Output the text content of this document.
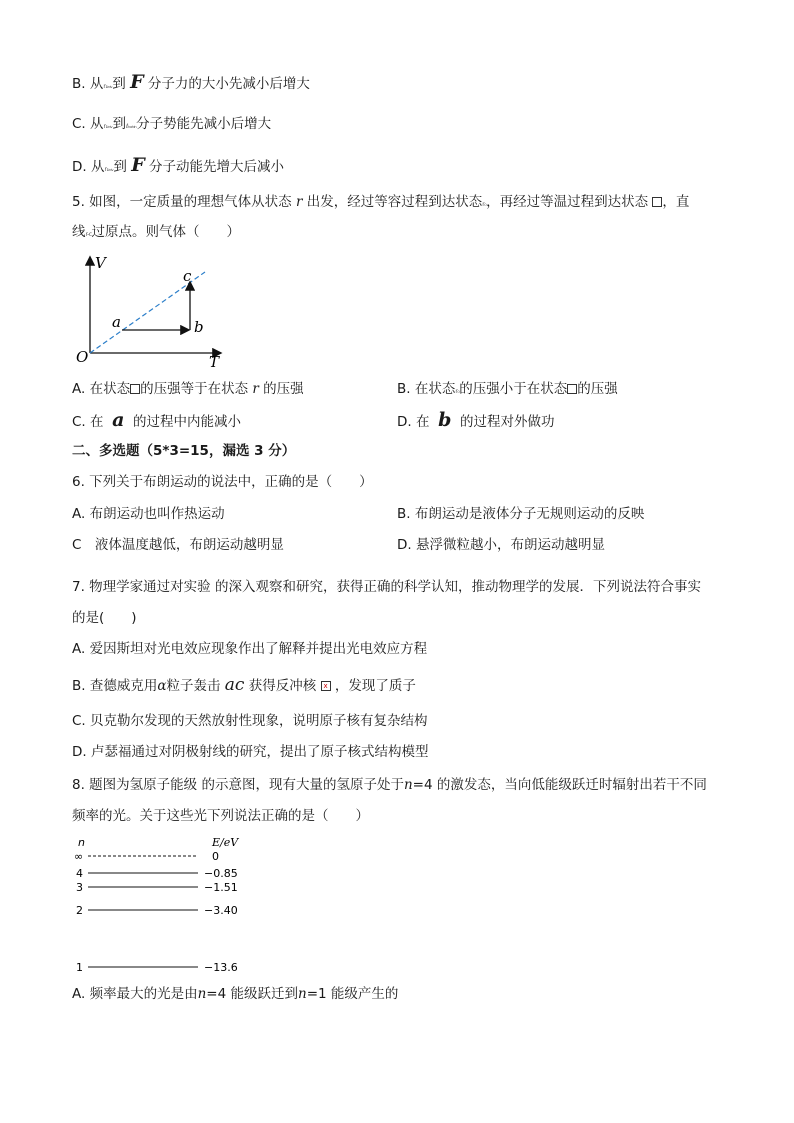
B. 从r₁ᵢₙᵢᵥ到 F 分子力的大小先减小后增大
C. 从r₁ᵢₙᵢᵥ到ℓₕₐₕᵢₙ分子势能先减小后增大
D. 从r₁ᵢₙᵢᵥ到 F 分子动能先增大后减小
5. 如图，一定质量的理想气体从状态 r 出发，经过等容过程到达状态r₀，再经过等温过程到达状态 ，直
线r-c过原点。则气体（　　）
V
T
O
a	b
c
A. 在状态 的压强等于在状态 r 的压强	B. 在状态r₀的压强小于在状态 的压强
C. 在 a 的过程中内能减小	D. 在 b 的过程对外做功
二、多选题（5*3=15，漏选 3 分）
6. 下列关于布朗运动的说法中，正确的是（　　）
A. 布朗运动也叫作热运动	B. 布朗运动是液体分子无规则运动的反映
C　液体温度越低，布朗运动越明显	D. 悬浮微粒越小，布朗运动越明显
7. 物理学家通过对实验 的深入观察和研究，获得正确的科学认知，推动物理学的发展．下列说法符合事实
的是(　　)
A. 爱因斯坦对光电效应现象作出了解释并提出光电效应方程
B. 查德威克用α粒子轰击 ac 获得反冲核 x ，发现了质子
C. 贝克勒尔发现的天然放射性现象，说明原子核有复杂结构
D. 卢瑟福通过对阴极射线的研究，提出了原子核式结构模型
8. 题图为氢原子能级 的示意图，现有大量的氢原子处于n=4 的激发态，当向低能级跃迁时辐射出若干不同
频率的光。关于这些光下列说法正确的是（　　）
n	E/eV
∞	0
4	−0.85
3	−1.51
2	−3.40
1	−13.6
A. 频率最大的光是由n=4 能级跃迁到n=1 能级产生的
